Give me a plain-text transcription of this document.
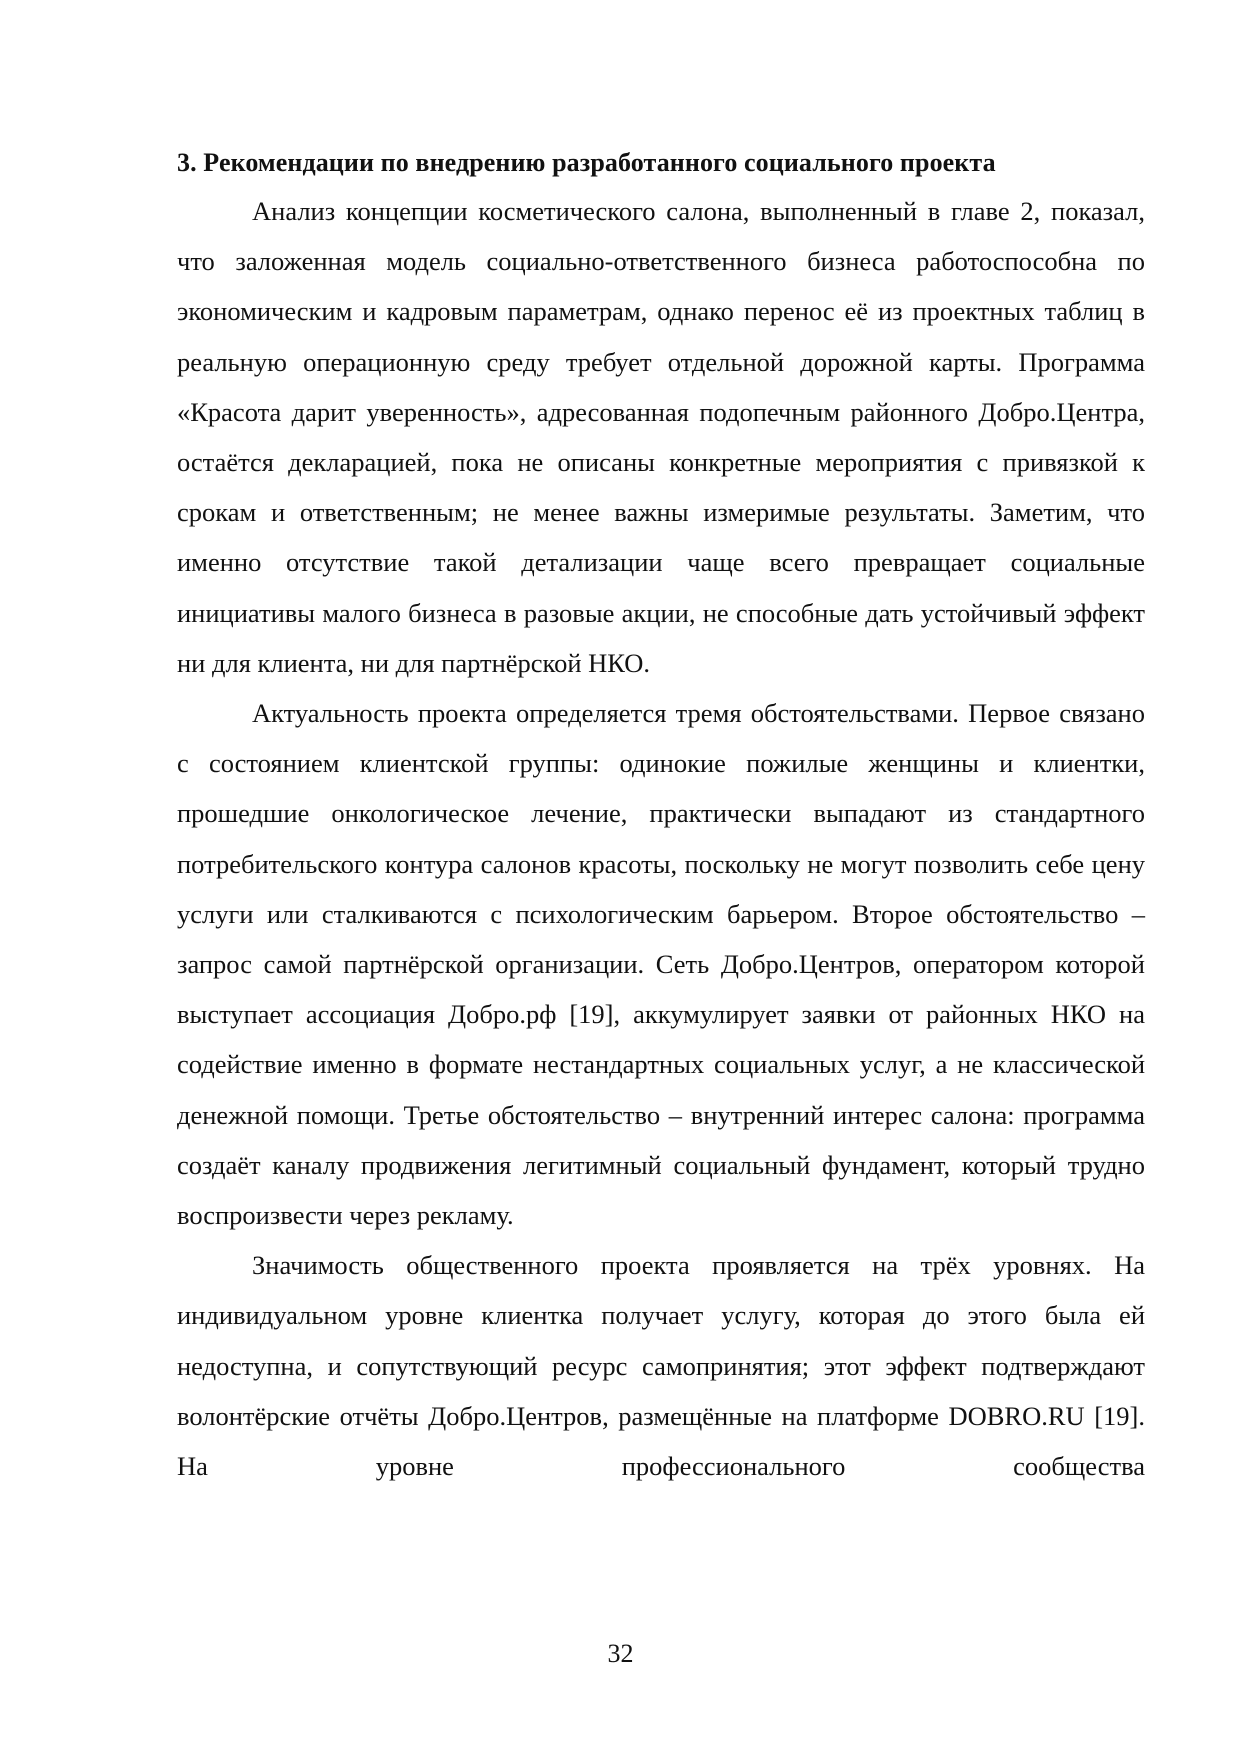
3. Рекомендации по внедрению разработанного социального проекта

Анализ концепции косметического салона, выполненный в главе 2, показал, что заложенная модель социально-ответственного бизнеса работоспособна по экономическим и кадровым параметрам, однако перенос её из проектных таблиц в реальную операционную среду требует отдельной дорожной карты. Программа «Красота дарит уверенность», адресованная подопечным районного Добро.Центра, остаётся декларацией, пока не описаны конкретные мероприятия с привязкой к срокам и ответственным; не менее важны измеримые результаты. Заметим, что именно отсутствие такой детализации чаще всего превращает социальные инициативы малого бизнеса в разовые акции, не способные дать устойчивый эффект ни для клиента, ни для партнёрской НКО.

Актуальность проекта определяется тремя обстоятельствами. Первое связано с состоянием клиентской группы: одинокие пожилые женщины и клиентки, прошедшие онкологическое лечение, практически выпадают из стандартного потребительского контура салонов красоты, поскольку не могут позволить себе цену услуги или сталкиваются с психологическим барьером. Второе обстоятельство – запрос самой партнёрской организации. Сеть Добро.Центров, оператором которой выступает ассоциация Добро.рф [19], аккумулирует заявки от районных НКО на содействие именно в формате нестандартных социальных услуг, а не классической денежной помощи. Третье обстоятельство – внутренний интерес салона: программа создаёт каналу продвижения легитимный социальный фундамент, который трудно воспроизвести через рекламу.

Значимость общественного проекта проявляется на трёх уровнях. На индивидуальном уровне клиентка получает услугу, которая до этого была ей недоступна, и сопутствующий ресурс самопринятия; этот эффект подтверждают волонтёрские отчёты Добро.Центров, размещённые на платформе DOBRO.RU [19]. На уровне профессионального сообщества

32
